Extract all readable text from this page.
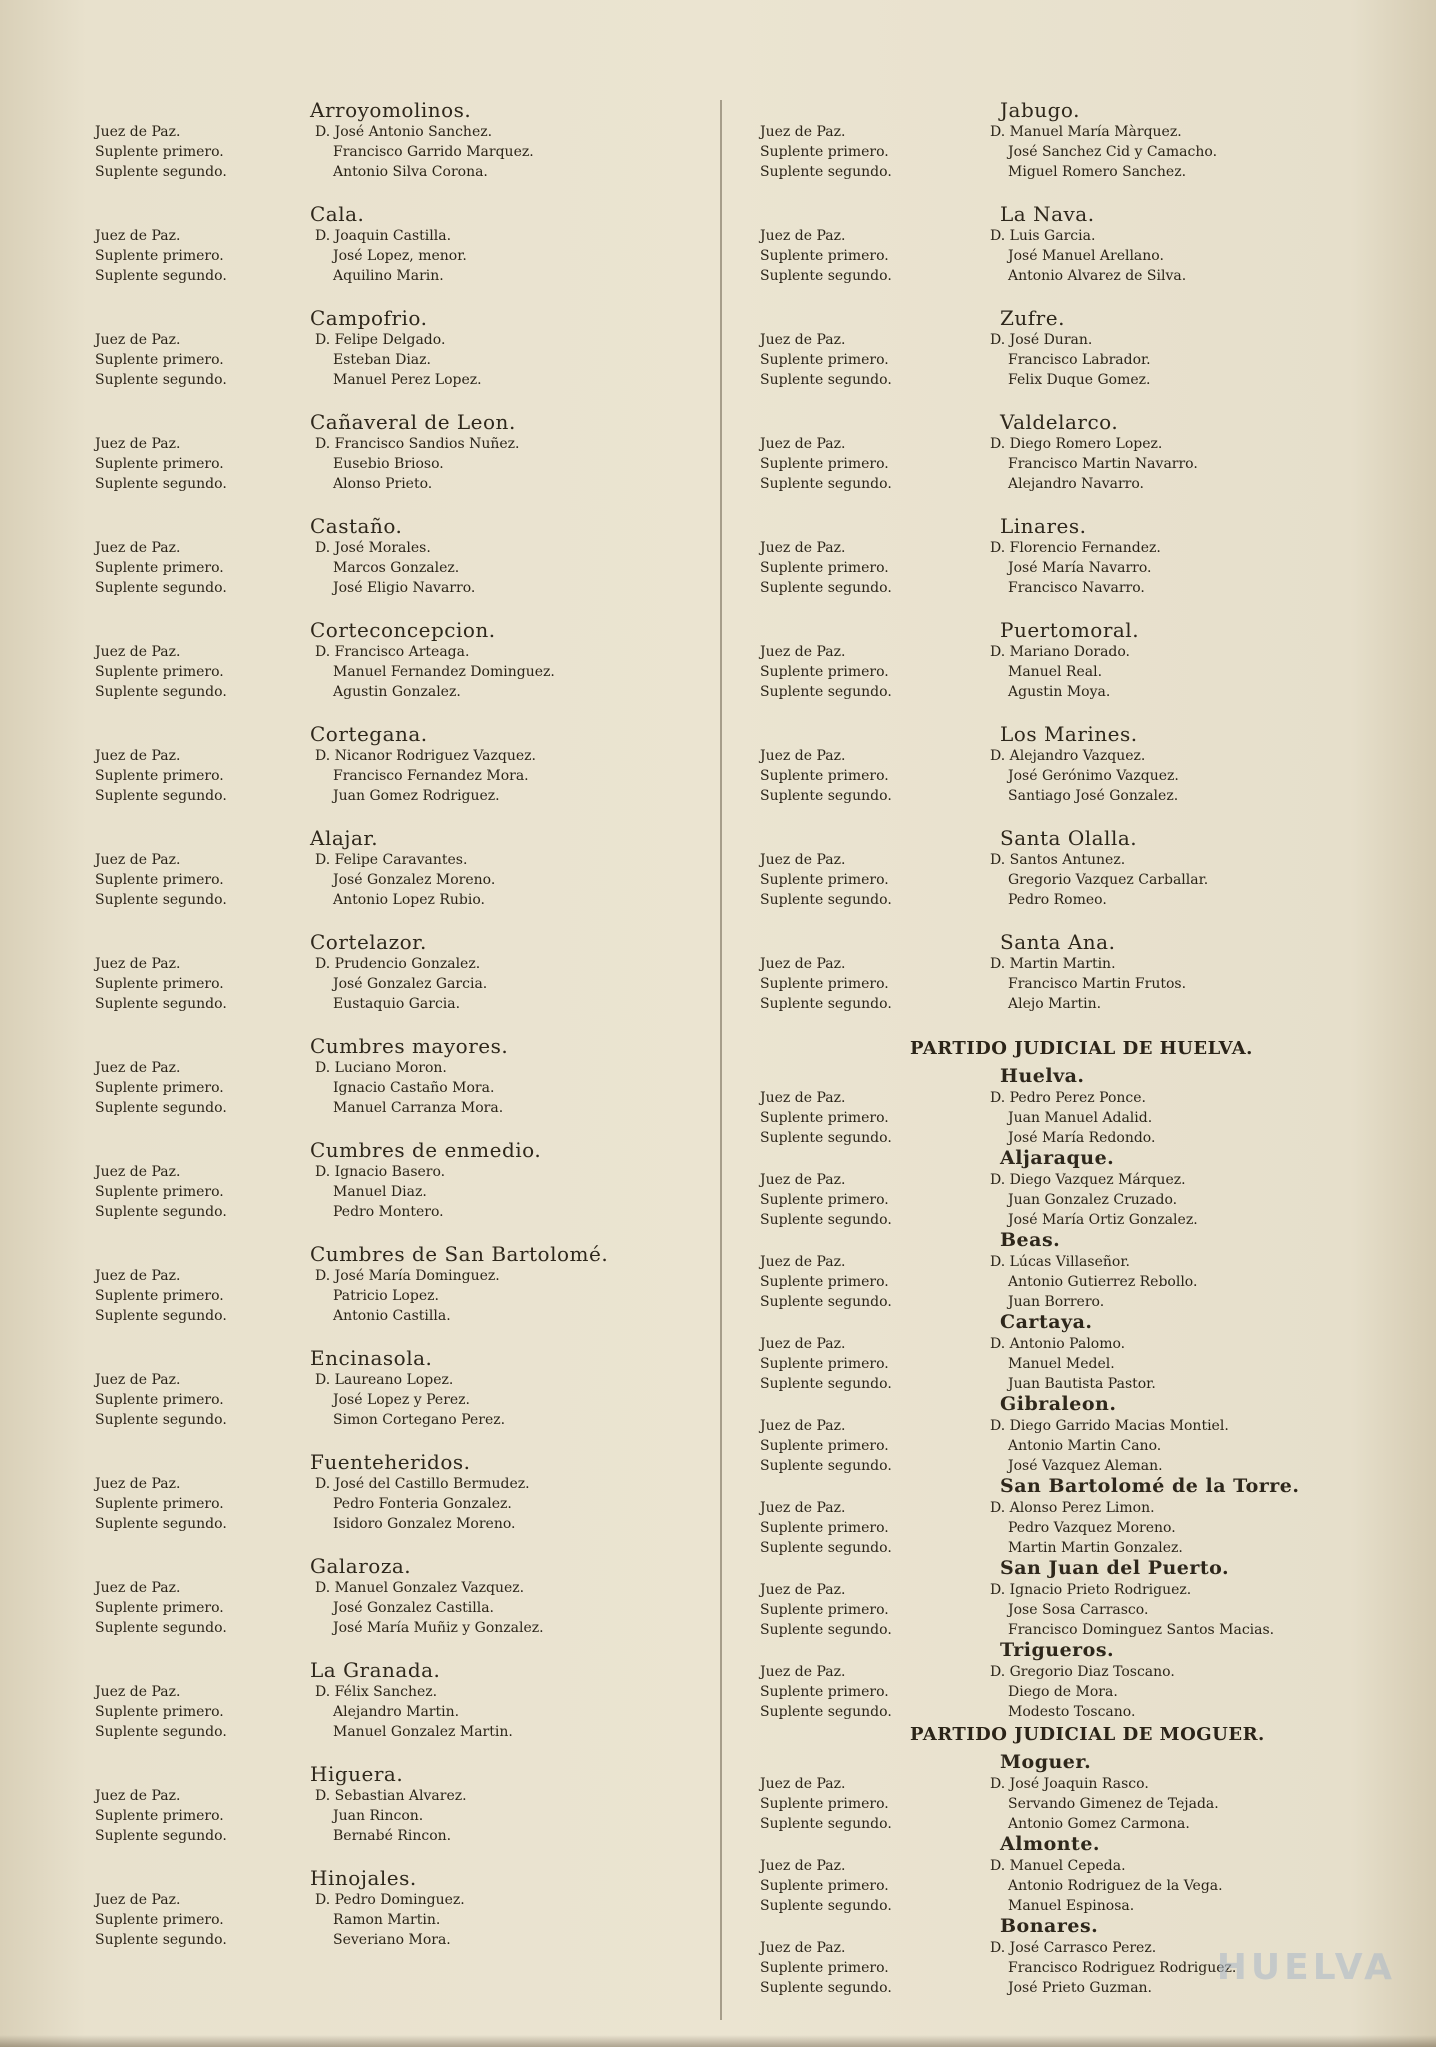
Arroyomolinos.
Juez de Paz.	D. José Antonio Sanchez.
Suplente primero.	Francisco Garrido Marquez.
Suplente segundo.	Antonio Silva Corona.
Cala.
Juez de Paz.	D. Joaquin Castilla.
Suplente primero.	José Lopez, menor.
Suplente segundo.	Aquilino Marin.
Campofrio.
Juez de Paz.	D. Felipe Delgado.
Suplente primero.	Esteban Diaz.
Suplente segundo.	Manuel Perez Lopez.
Cañaveral de Leon.
Juez de Paz.	D. Francisco Sandios Nuñez.
Suplente primero.	Eusebio Brioso.
Suplente segundo.	Alonso Prieto.
Castaño.
Juez de Paz.	D. José Morales.
Suplente primero.	Marcos Gonzalez.
Suplente segundo.	José Eligio Navarro.
Corteconcepcion.
Juez de Paz.	D. Francisco Arteaga.
Suplente primero.	Manuel Fernandez Dominguez.
Suplente segundo.	Agustin Gonzalez.
Cortegana.
Juez de Paz.	D. Nicanor Rodriguez Vazquez.
Suplente primero.	Francisco Fernandez Mora.
Suplente segundo.	Juan Gomez Rodriguez.
Alajar.
Juez de Paz.	D. Felipe Caravantes.
Suplente primero.	José Gonzalez Moreno.
Suplente segundo.	Antonio Lopez Rubio.
Cortelazor.
Juez de Paz.	D. Prudencio Gonzalez.
Suplente primero.	José Gonzalez Garcia.
Suplente segundo.	Eustaquio Garcia.
Cumbres mayores.
Juez de Paz.	D. Luciano Moron.
Suplente primero.	Ignacio Castaño Mora.
Suplente segundo.	Manuel Carranza Mora.
Cumbres de enmedio.
Juez de Paz.	D. Ignacio Basero.
Suplente primero.	Manuel Diaz.
Suplente segundo.	Pedro Montero.
Cumbres de San Bartolomé.
Juez de Paz.	D. José María Dominguez.
Suplente primero.	Patricio Lopez.
Suplente segundo.	Antonio Castilla.
Encinasola.
Juez de Paz.	D. Laureano Lopez.
Suplente primero.	José Lopez y Perez.
Suplente segundo.	Simon Cortegano Perez.
Fuenteheridos.
Juez de Paz.	D. José del Castillo Bermudez.
Suplente primero.	Pedro Fonteria Gonzalez.
Suplente segundo.	Isidoro Gonzalez Moreno.
Galaroza.
Juez de Paz.	D. Manuel Gonzalez Vazquez.
Suplente primero.	José Gonzalez Castilla.
Suplente segundo.	José María Muñiz y Gonzalez.
La Granada.
Juez de Paz.	D. Félix Sanchez.
Suplente primero.	Alejandro Martin.
Suplente segundo.	Manuel Gonzalez Martin.
Higuera.
Juez de Paz.	D. Sebastian Alvarez.
Suplente primero.	Juan Rincon.
Suplente segundo.	Bernabé Rincon.
Hinojales.
Juez de Paz.	D. Pedro Dominguez.
Suplente primero.	Ramon Martin.
Suplente segundo.	Severiano Mora.
Jabugo.
Juez de Paz.	D. Manuel María Màrquez.
Suplente primero.	José Sanchez Cid y Camacho.
Suplente segundo.	Miguel Romero Sanchez.
La Nava.
Juez de Paz.	D. Luis Garcia.
Suplente primero.	José Manuel Arellano.
Suplente segundo.	Antonio Alvarez de Silva.
Zufre.
Juez de Paz.	D. José Duran.
Suplente primero.	Francisco Labrador.
Suplente segundo.	Felix Duque Gomez.
Valdelarco.
Juez de Paz.	D. Diego Romero Lopez.
Suplente primero.	Francisco Martin Navarro.
Suplente segundo.	Alejandro Navarro.
Linares.
Juez de Paz.	D. Florencio Fernandez.
Suplente primero.	José María Navarro.
Suplente segundo.	Francisco Navarro.
Puertomoral.
Juez de Paz.	D. Mariano Dorado.
Suplente primero.	Manuel Real.
Suplente segundo.	Agustin Moya.
Los Marines.
Juez de Paz.	D. Alejandro Vazquez.
Suplente primero.	José Gerónimo Vazquez.
Suplente segundo.	Santiago José Gonzalez.
Santa Olalla.
Juez de Paz.	D. Santos Antunez.
Suplente primero.	Gregorio Vazquez Carballar.
Suplente segundo.	Pedro Romeo.
Santa Ana.
Juez de Paz.	D. Martin Martin.
Suplente primero.	Francisco Martin Frutos.
Suplente segundo.	Alejo Martin.
PARTIDO JUDICIAL DE HUELVA.
Huelva.
Juez de Paz.	D. Pedro Perez Ponce.
Suplente primero.	Juan Manuel Adalid.
Suplente segundo.	José María Redondo.
Aljaraque.
Juez de Paz.	D. Diego Vazquez Márquez.
Suplente primero.	Juan Gonzalez Cruzado.
Suplente segundo.	José María Ortiz Gonzalez.
Beas.
Juez de Paz.	D. Lúcas Villaseñor.
Suplente primero.	Antonio Gutierrez Rebollo.
Suplente segundo.	Juan Borrero.
Cartaya.
Juez de Paz.	D. Antonio Palomo.
Suplente primero.	Manuel Medel.
Suplente segundo.	Juan Bautista Pastor.
Gibraleon.
Juez de Paz.	D. Diego Garrido Macias Montiel.
Suplente primero.	Antonio Martin Cano.
Suplente segundo.	José Vazquez Aleman.
San Bartolomé de la Torre.
Juez de Paz.	D. Alonso Perez Limon.
Suplente primero.	Pedro Vazquez Moreno.
Suplente segundo.	Martin Martin Gonzalez.
San Juan del Puerto.
Juez de Paz.	D. Ignacio Prieto Rodriguez.
Suplente primero.	Jose Sosa Carrasco.
Suplente segundo.	Francisco Dominguez Santos Macias.
Trigueros.
Juez de Paz.	D. Gregorio Diaz Toscano.
Suplente primero.	Diego de Mora.
Suplente segundo.	Modesto Toscano.
PARTIDO JUDICIAL DE MOGUER.
Moguer.
Juez de Paz.	D. José Joaquin Rasco.
Suplente primero.	Servando Gimenez de Tejada.
Suplente segundo.	Antonio Gomez Carmona.
Almonte.
Juez de Paz.	D. Manuel Cepeda.
Suplente primero.	Antonio Rodriguez de la Vega.
Suplente segundo.	Manuel Espinosa.
Bonares.
Juez de Paz.	D. José Carrasco Perez.
Suplente primero.	Francisco Rodriguez Rodriguez.
Suplente segundo.	José Prieto Guzman.	HUELVA
